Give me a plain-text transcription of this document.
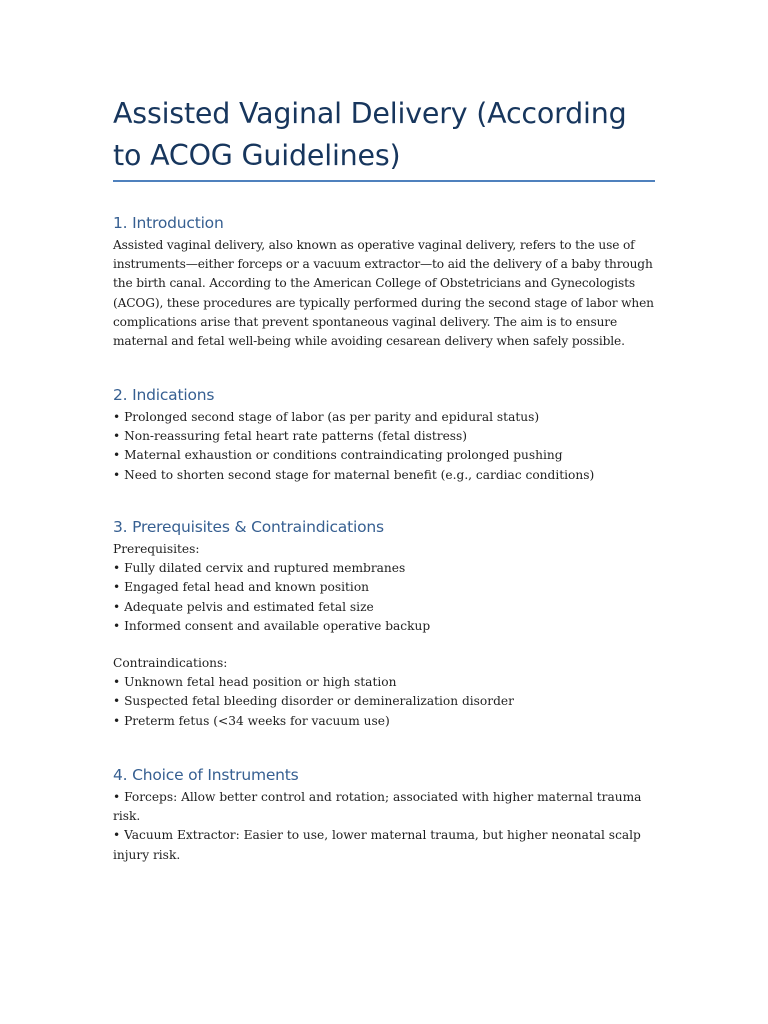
Assisted Vaginal Delivery (According to ACOG Guidelines)
1. Introduction

Assisted vaginal delivery, also known as operative vaginal delivery, refers to the use of instruments—either forceps or a vacuum extractor—to aid the delivery of a baby through the birth canal. According to the American College of Obstetricians and Gynecologists (ACOG), these procedures are typically performed during the second stage of labor when complications arise that prevent spontaneous vaginal delivery. The aim is to ensure maternal and fetal well-being while avoiding cesarean delivery when safely possible.

2. Indications
• Prolonged second stage of labor (as per parity and epidural status)
• Non-reassuring fetal heart rate patterns (fetal distress)
• Maternal exhaustion or conditions contraindicating prolonged pushing
• Need to shorten second stage for maternal benefit (e.g., cardiac conditions)
3. Prerequisites & Contraindications
Prerequisites:
• Fully dilated cervix and ruptured membranes
• Engaged fetal head and known position
• Adequate pelvis and estimated fetal size
• Informed consent and available operative backup
Contraindications:
• Unknown fetal head position or high station
• Suspected fetal bleeding disorder or demineralization disorder
• Preterm fetus (<34 weeks for vacuum use)
4. Choice of Instruments
• Forceps: Allow better control and rotation; associated with higher maternal trauma risk.
• Vacuum Extractor: Easier to use, lower maternal trauma, but higher neonatal scalp injury risk.
